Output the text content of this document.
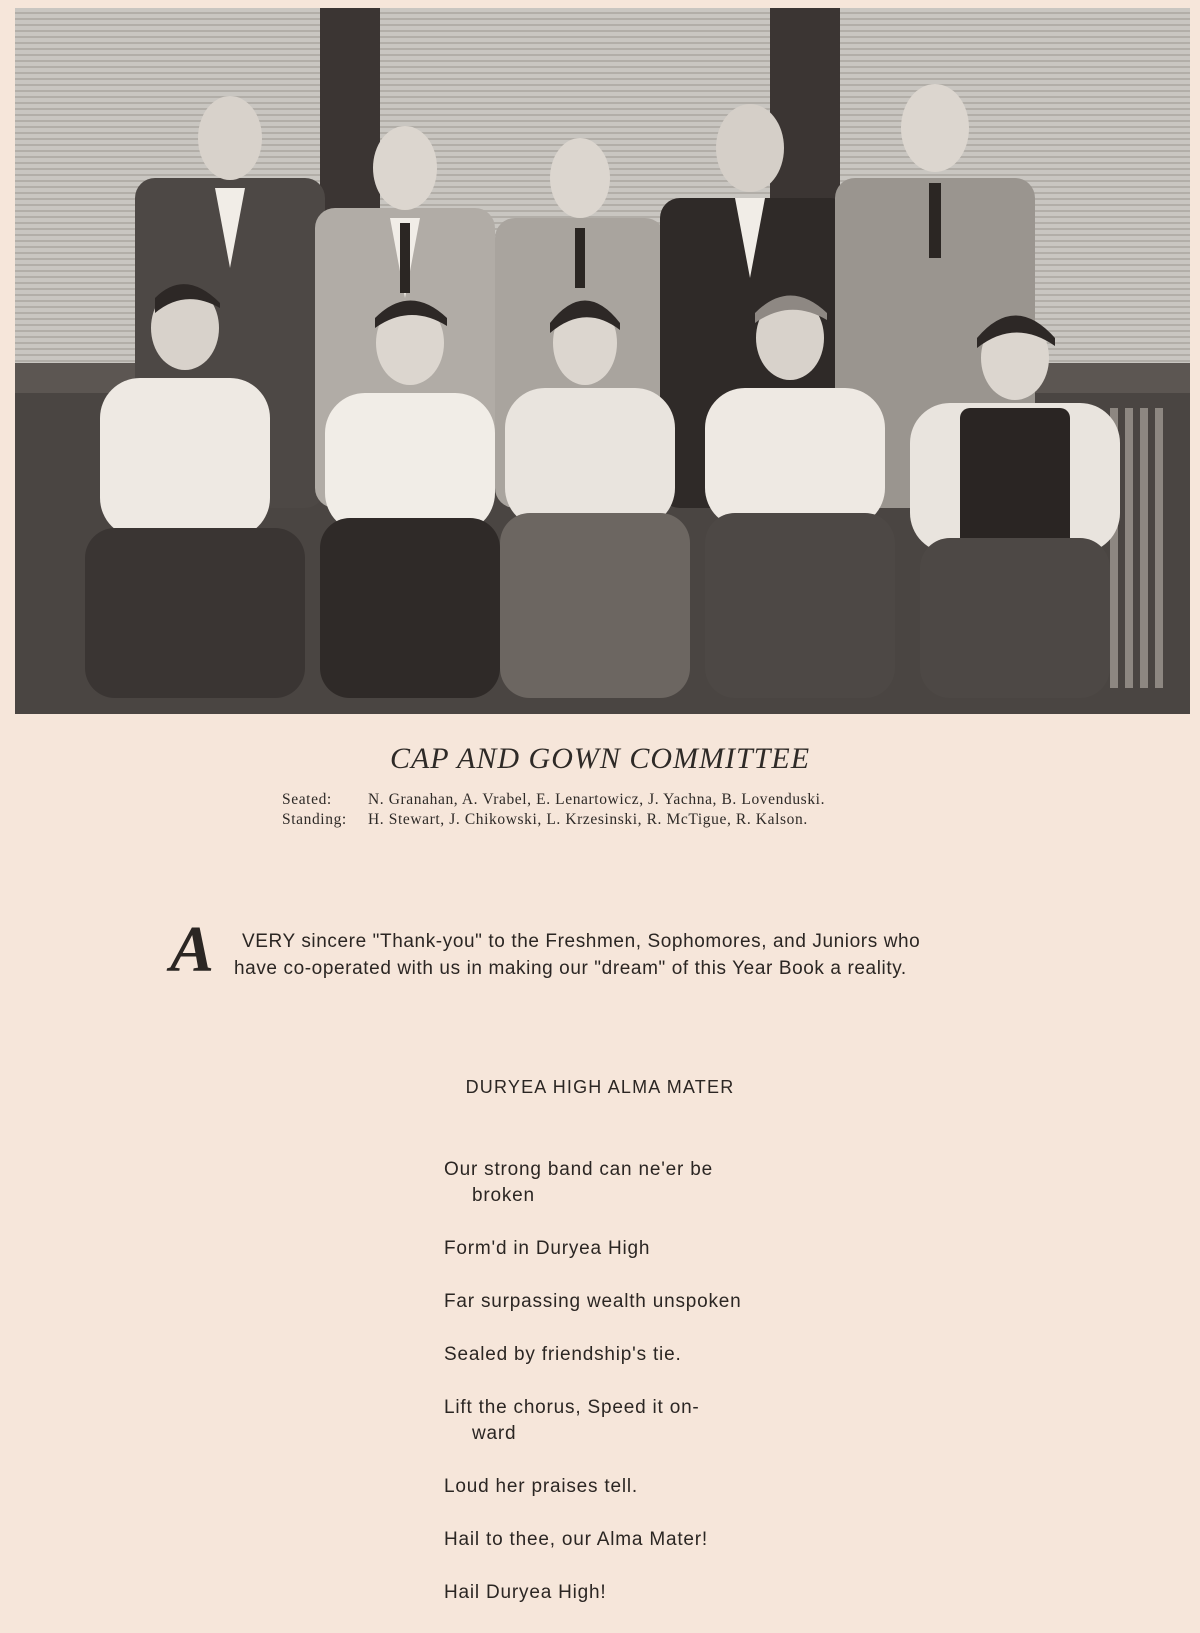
CAP AND GOWN COMMITTEE
Seated:	N. Granahan, A. Vrabel, E. Lenartowicz, J. Yachna, B. Lovenduski.
Standing:	H. Stewart, J. Chikowski, L. Krzesinski, R. McTigue, R. Kalson.
A VERY sincere "Thank-you" to the Freshmen, Sophomores, and Juniors who
have co-operated with us in making our "dream" of this Year Book a reality.
DURYEA HIGH ALMA MATER
Our strong band can ne'er be
broken
Form'd in Duryea High
Far surpassing wealth unspoken
Sealed by friendship's tie.
Lift the chorus, Speed it on-
ward
Loud her praises tell.
Hail to thee, our Alma Mater!
Hail Duryea High!
